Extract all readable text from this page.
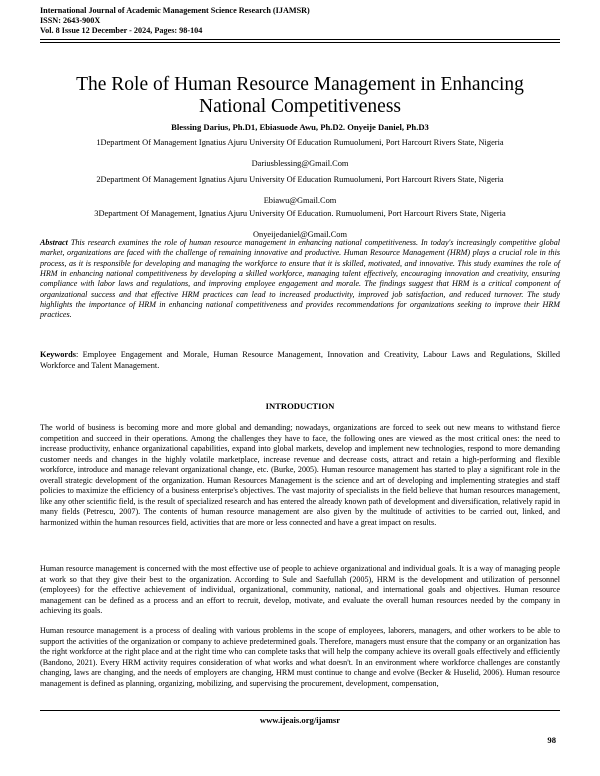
International Journal of Academic Management Science Research (IJAMSR)
ISSN: 2643-900X
Vol. 8 Issue 12 December - 2024, Pages: 98-104
The Role of Human Resource Management in Enhancing
National Competitiveness
Blessing Darius, Ph.D1, Ebiasuode Awu, Ph.D2. Onyeije Daniel, Ph.D3
1Department Of Management Ignatius Ajuru University Of Education Rumuolumeni, Port Harcourt Rivers State, Nigeria
Dariusblessing@Gmail.Com
2Department Of Management Ignatius Ajuru University Of Education Rumuolumeni, Port Harcourt Rivers State, Nigeria
Ebiawu@Gmail.Com
3Department Of Management, Ignatius Ajuru University Of Education. Rumuolumeni, Port Harcourt Rivers State, Nigeria
Onyeijedaniel@Gmail.Com
Abstract This research examines the role of human resource management in enhancing national competitiveness. In today's increasingly competitive global market, organizations are faced with the challenge of remaining innovative and productive. Human Resource Management (HRM) plays a crucial role in this process, as it is responsible for developing and managing the workforce to ensure that it is skilled, motivated, and innovative. This study examines the role of HRM in enhancing national competitiveness by developing a skilled workforce, managing talent effectively, encouraging innovation and creativity, ensuring compliance with labor laws and regulations, and improving employee engagement and morale. The findings suggest that HRM is a critical component of organizational success and that effective HRM practices can lead to increased productivity, improved job satisfaction, and reduced turnover. The study highlights the importance of HRM in enhancing national competitiveness and provides recommendations for organizations seeking to improve their HRM practices.
Keywords: Employee Engagement and Morale, Human Resource Management, Innovation and Creativity, Labour Laws and Regulations, Skilled Workforce and Talent Management.
INTRODUCTION
The world of business is becoming more and more global and demanding; nowadays, organizations are forced to seek out new means to withstand fierce competition and succeed in their operations. Among the challenges they have to face, the following ones are viewed as the most critical ones: the need to increase productivity, enhance organizational capabilities, expand into global markets, develop and implement new technologies, respond to more demanding customer needs and changes in the highly volatile marketplace, increase revenue and decrease costs, attract and retain a high-performing and flexible workforce, introduce and manage relevant organizational change, etc. (Burke, 2005). Human resource management has started to play a significant role in the overall strategic development of the organization. Human Resources Management is the science and art of developing and implementing strategies and staff policies to maximize the efficiency of a business enterprise's objectives. The vast majority of specialists in the field believe that human resources management, like any other scientific field, is the result of specialized research and has entered the already known path of development and diversification, relatively rapid in many fields (Petrescu, 2007). The contents of human resource management are also given by the multitude of activities to be carried out, linked, and harmonized within the human resources field, activities that are more or less connected and have a great impact on results.
Human resource management is concerned with the most effective use of people to achieve organizational and individual goals. It is a way of managing people at work so that they give their best to the organization. According to Sule and Saefullah (2005), HRM is the development and utilization of personnel (employees) for the effective achievement of individual, organizational, community, national, and international goals and objectives. Human resource management can be defined as a process and an effort to recruit, develop, motivate, and evaluate the overall human resources needed by the company in achieving its goals.
Human resource management is a process of dealing with various problems in the scope of employees, laborers, managers, and other workers to be able to support the activities of the organization or company to achieve predetermined goals. Therefore, managers must ensure that the company or an organization has the right workforce at the right place and at the right time who can complete tasks that will help the company achieve its overall goals effectively and efficiently (Bandono, 2021). Every HRM activity requires consideration of what works and what doesn't. In an environment where workforce challenges are constantly changing, laws are changing, and the needs of employers are changing, HRM must continue to change and evolve (Becker & Huselid, 2006). Human resource management is defined as planning, organizing, mobilizing, and supervising the procurement, development, compensation,
www.ijeais.org/ijamsr
98
